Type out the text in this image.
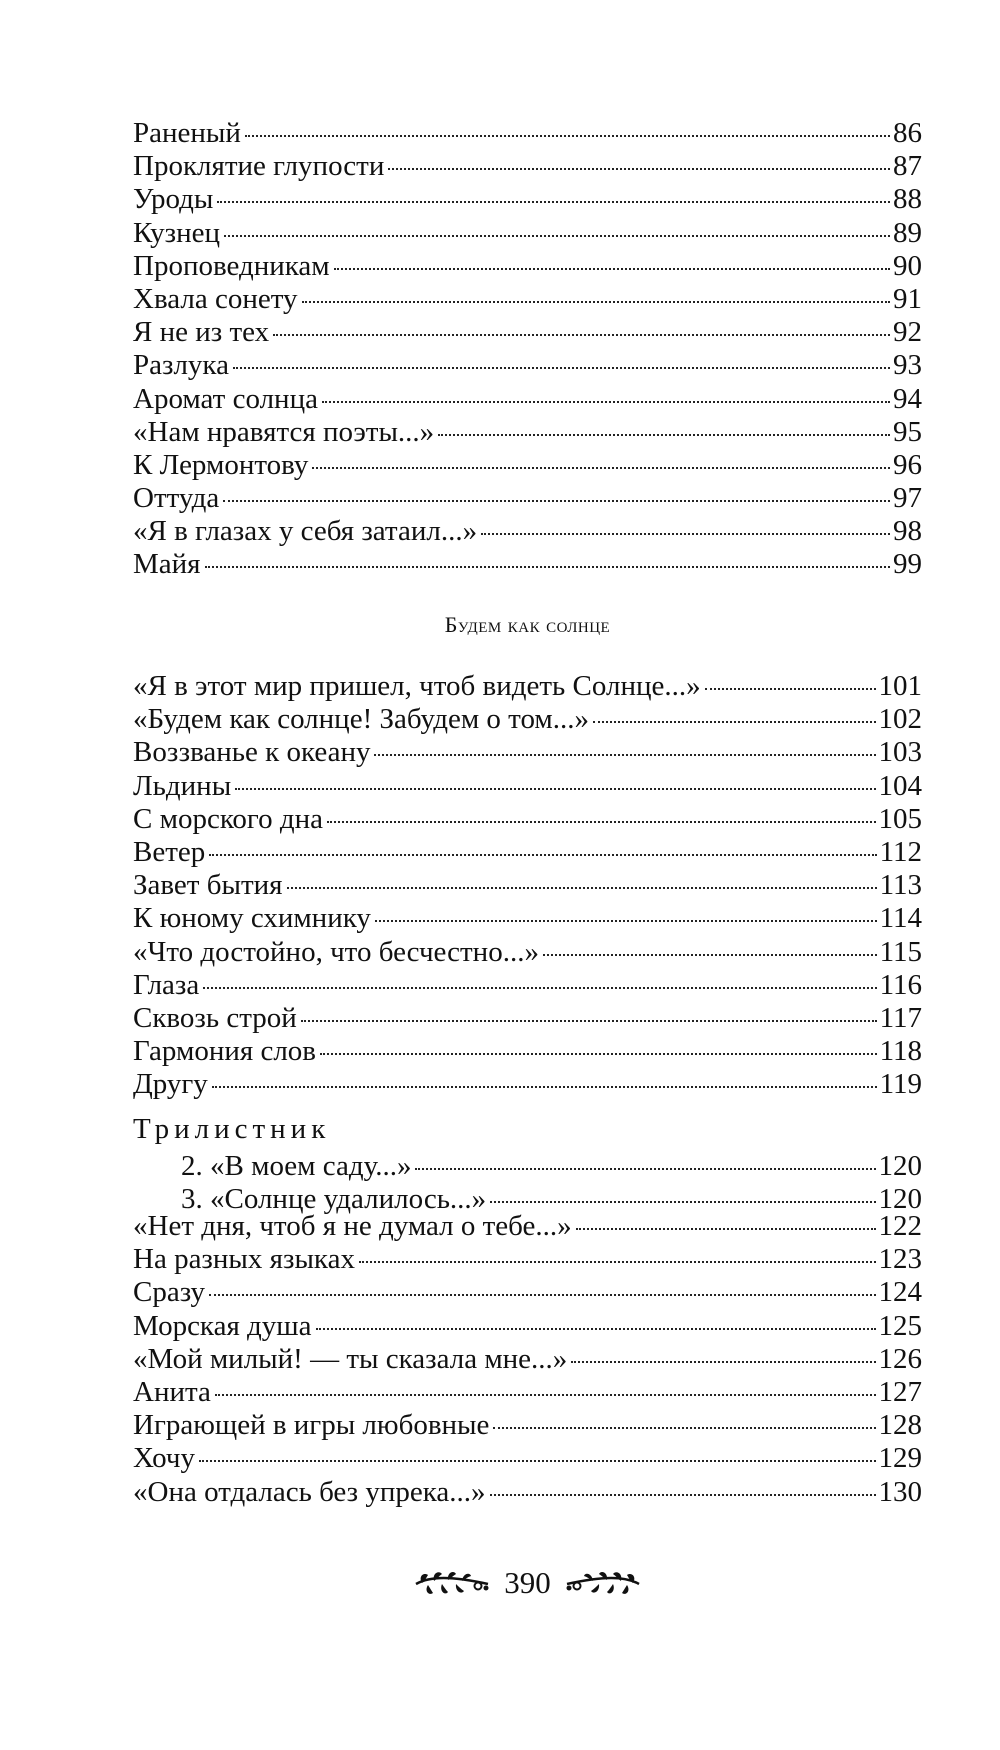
Раненый	86
Проклятие глупости	87
Уроды	88
Кузнец	89
Проповедникам	90
Хвала сонету	91
Я не из тех	92
Разлука	93
Аромат солнца	94
«Нам нравятся поэты...»	95
К Лермонтову	96
Оттуда	97
«Я в глазах у себя затаил...»	98
Майя	99
Будем как солнце
«Я в этот мир пришел, чтоб видеть Солнце...»	101
«Будем как солнце! Забудем о том...»	102
Воззванье к океану	103
Льдины	104
С морского дна	105
Ветер	112
Завет бытия	113
К юному схимнику	114
«Что достойно, что бесчестно...»	115
Глаза	116
Сквозь строй	117
Гармония слов	118
Другу	119
Трилистник
2. «В моем саду...»	120
3. «Солнце удалилось...»	120
«Нет дня, чтоб я не думал о тебе...»	122
На разных языках	123
Сразу	124
Морская душа	125
«Мой милый! — ты сказала мне...»	126
Анита	127
Играющей в игры любовные	128
Хочу	129
«Она отдалась без упрека...»	130
390
